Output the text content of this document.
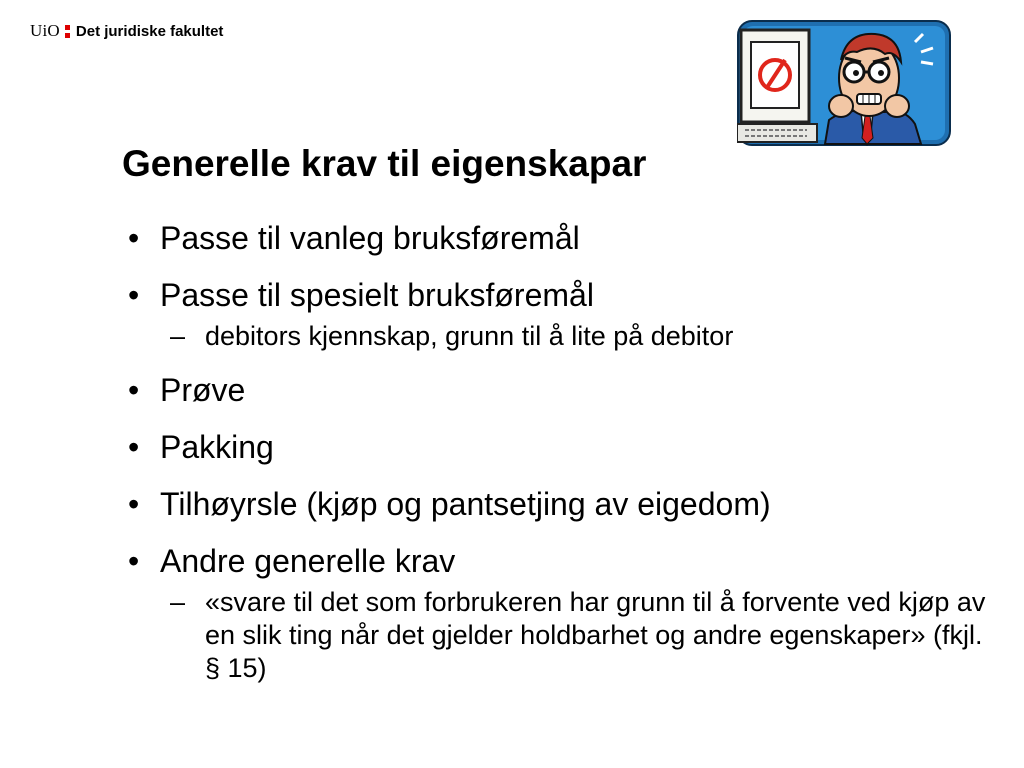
UiO Det juridiske fakultet
Generelle krav til eigenskapar
• Passe til vanleg bruksføremål
• Passe til spesielt bruksføremål
– debitors kjennskap, grunn til å lite på debitor
• Prøve
• Pakking
• Tilhøyrsle (kjøp og pantsetjing av eigedom)
• Andre generelle krav
– «svare til det som forbrukeren har grunn til å forvente ved kjøp av en slik ting når det gjelder holdbarhet og andre egenskaper» (fkjl. § 15)
